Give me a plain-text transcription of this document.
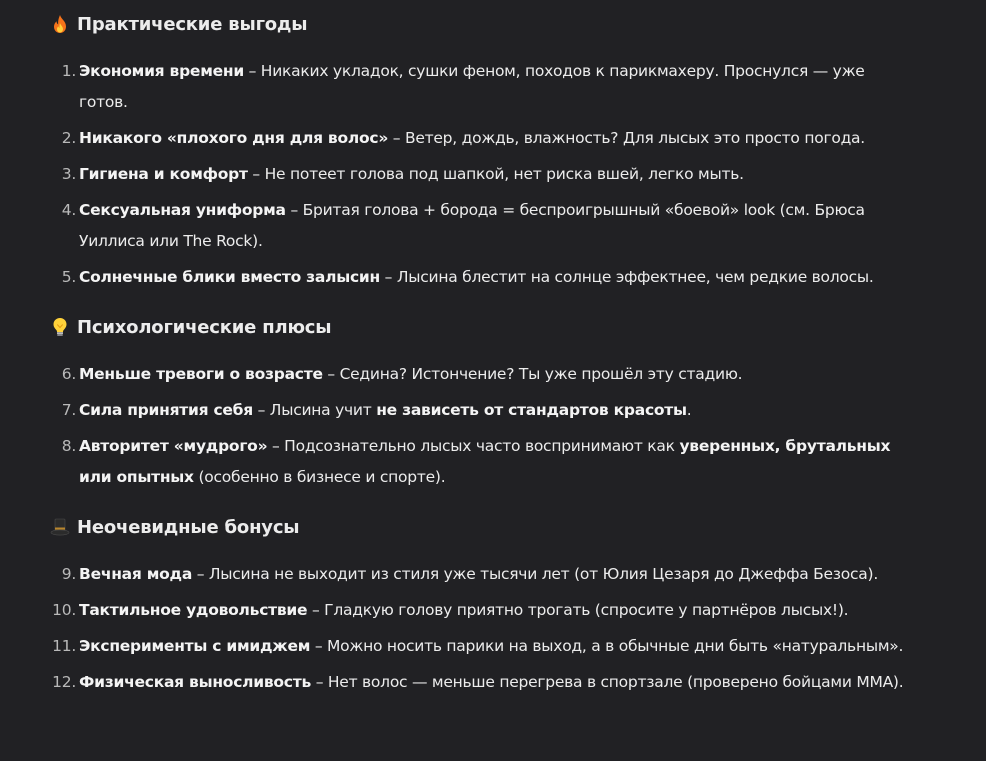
Практические выгоды
1. Экономия времени – Никаких укладок, сушки феном, походов к парикмахеру. Проснулся — уже готов.
2. Никакого «плохого дня для волос» – Ветер, дождь, влажность? Для лысых это просто погода.
3. Гигиена и комфорт – Не потеет голова под шапкой, нет риска вшей, легко мыть.
4. Сексуальная униформа – Бритая голова + борода = беспроигрышный «боевой» look (см. Брюса Уиллиса или The Rock).
5. Солнечные блики вместо залысин – Лысина блестит на солнце эффектнее, чем редкие волосы.
Психологические плюсы
6. Меньше тревоги о возрасте – Седина? Истончение? Ты уже прошёл эту стадию.
7. Сила принятия себя – Лысина учит не зависеть от стандартов красоты.
8. Авторитет «мудрого» – Подсознательно лысых часто воспринимают как уверенных, брутальных или опытных (особенно в бизнесе и спорте).
Неочевидные бонусы
9. Вечная мода – Лысина не выходит из стиля уже тысячи лет (от Юлия Цезаря до Джеффа Безоса).
10. Тактильное удовольствие – Гладкую голову приятно трогать (спросите у партнёров лысых!).
11. Эксперименты с имиджем – Можно носить парики на выход, а в обычные дни быть «натуральным».
12. Физическая выносливость – Нет волос — меньше перегрева в спортзале (проверено бойцами ММА).
